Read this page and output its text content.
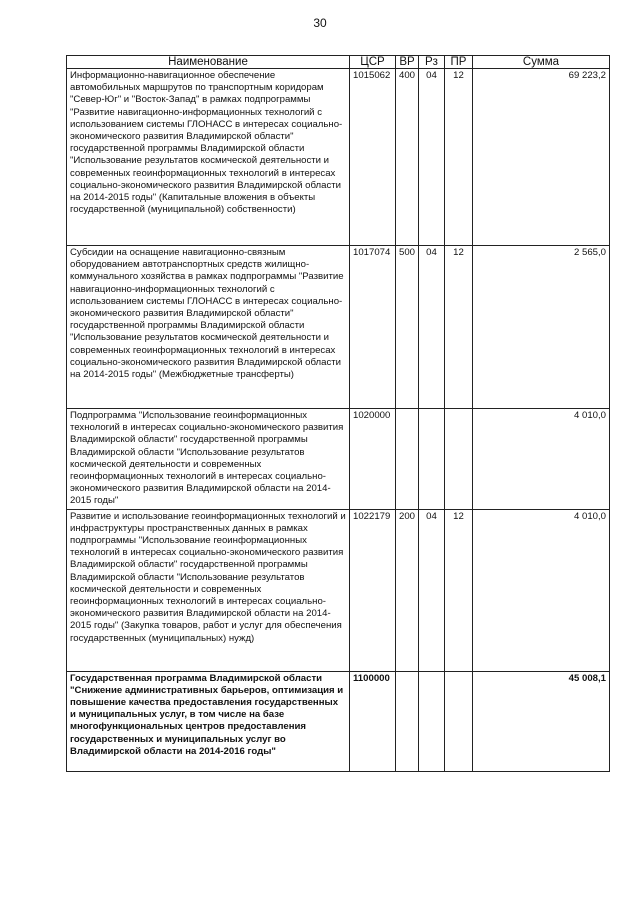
30
Наименование	ЦСР	ВР	Рз	ПР	Сумма
Информационно-навигационное обеспечение автомобильных маршрутов по транспортным коридорам "Север-Юг" и "Восток-Запад" в рамках подпрограммы "Развитие навигационно-информационных технологий с использованием системы ГЛОНАСС в интересах социально-экономического развития Владимирской области" государственной программы Владимирской области "Использование результатов космической деятельности и современных геоинформационных технологий в интересах социально-экономического развития Владимирской области на 2014-2015 годы" (Капитальные вложения в объекты государственной (муниципальной) собственности)	1015062	400	04	12	69 223,2
Субсидии на оснащение навигационно-связным оборудованием автотранспортных средств жилищно-коммунального хозяйства в рамках подпрограммы "Развитие навигационно-информационных технологий с использованием системы ГЛОНАСС в интересах социально-экономического развития Владимирской области" государственной программы Владимирской области "Использование результатов космической деятельности и современных геоинформационных технологий в интересах социально-экономического развития Владимирской области на 2014-2015 годы" (Межбюджетные трансферты)	1017074	500	04	12	2 565,0
Подпрограмма "Использование геоинформационных технологий в интересах социально-экономического развития Владимирской области" государственной программы Владимирской области "Использование результатов космической деятельности и современных геоинформационных технологий в интересах социально-экономического развития Владимирской области на 2014-2015 годы"	1020000				4 010,0
Развитие и использование геоинформационных технологий и инфраструктуры пространственных данных в рамках подпрограммы "Использование геоинформационных технологий в интересах социально-экономического развития Владимирской области" государственной программы Владимирской области "Использование результатов космической деятельности и современных геоинформационных технологий в интересах социально-экономического развития Владимирской области на 2014-2015 годы" (Закупка товаров, работ и услуг для обеспечения государственных (муниципальных) нужд)	1022179	200	04	12	4 010,0
Государственная программа Владимирской области "Снижение административных барьеров, оптимизация и повышение качества предоставления государственных и муниципальных услуг, в том числе на базе многофункциональных центров предоставления государственных и муниципальных услуг во Владимирской области на 2014-2016 годы"	1100000				45 008,1
